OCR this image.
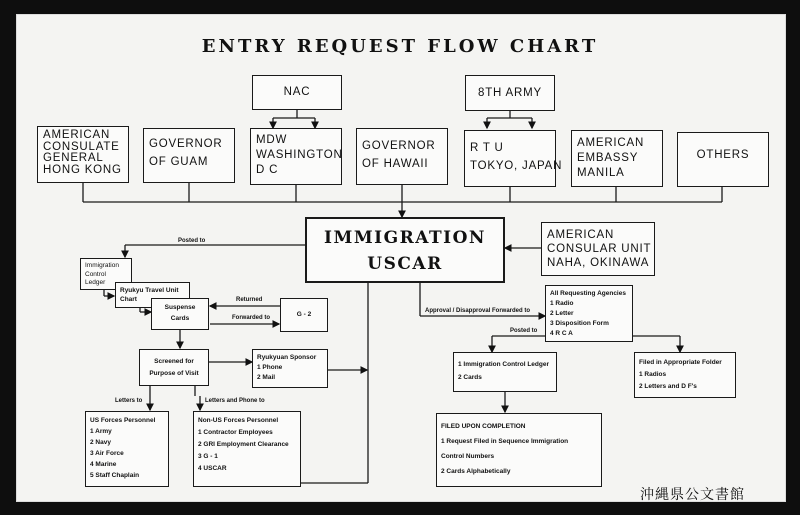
ENTRY REQUEST FLOW CHART
NAC	8TH ARMY
AMERICAN
CONSULATE
GENERAL
HONG KONG
GOVERNOR
OF GUAM
MDW
WASHINGTON
D C
GOVERNOR
OF HAWAII
R T U
TOKYO, JAPAN
AMERICAN
EMBASSY
MANILA
OTHERS
IMMIGRATION
USCAR
AMERICAN
CONSULAR UNIT
NAHA, OKINAWA
Immigration
Control
Ledger
Ryukyu Travel Unit
Chart
Suspense
Cards
G - 2
Screened for
Purpose of Visit
Ryukyuan Sponsor
1 Phone
2 Mail
US Forces Personnel
1 Army
2 Navy
3 Air Force
4 Marine
5 Staff Chaplain
Non-US Forces Personnel
1 Contractor Employees
2 GRI Employment Clearance
3 G - 1
4 USCAR
All Requesting Agencies
1 Radio
2 Letter
3 Disposition Form
4 R C A
1 Immigration Control Ledger
2 Cards
Filed in Appropriate Folder
1 Radios
2 Letters and D F's
FILED UPON COMPLETION
1 Request Filed in Sequence Immigration
Control Numbers
2 Cards Alphabetically
Posted to
Returned
Forwarded to
Approval / Disapproval Forwarded to
Posted to
Letters to	Letters and Phone to
沖縄県公文書館
